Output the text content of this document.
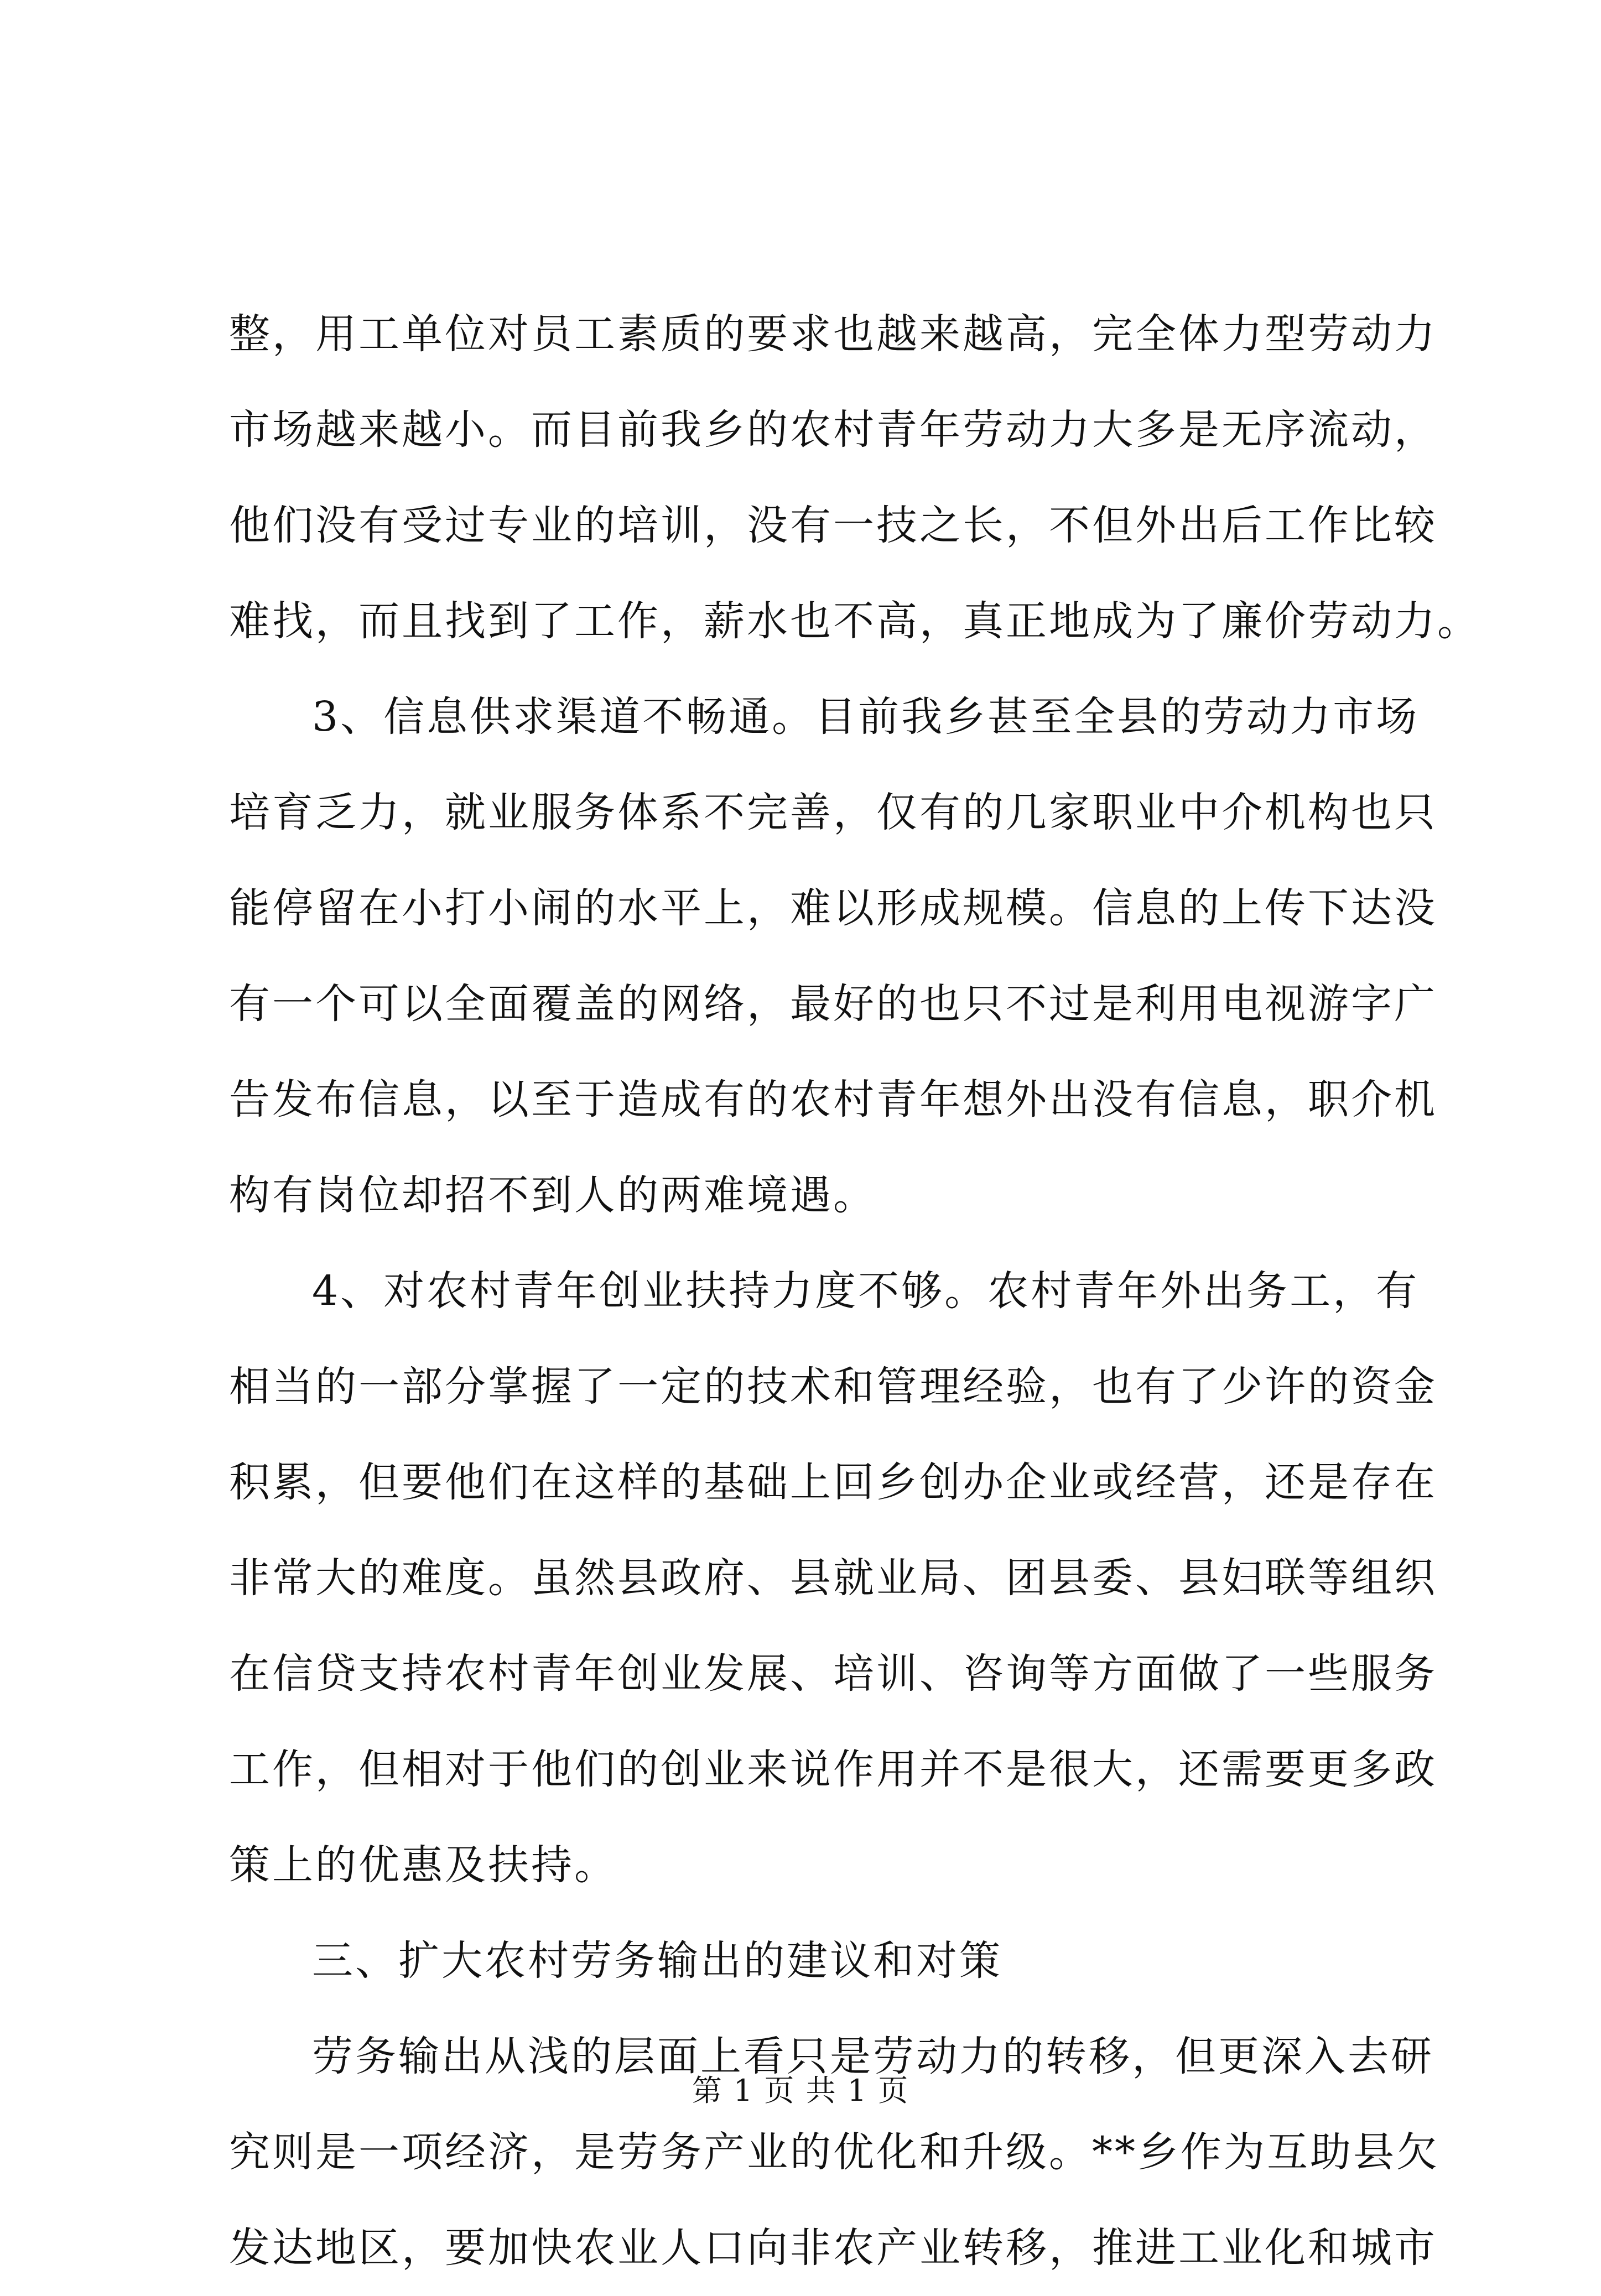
整，用工单位对员工素质的要求也越来越高，完全体力型劳动力
市场越来越小。而目前我乡的农村青年劳动力大多是无序流动，
他们没有受过专业的培训，没有一技之长，不但外出后工作比较
难找，而且找到了工作，薪水也不高，真正地成为了廉价劳动力。
3、信息供求渠道不畅通。目前我乡甚至全县的劳动力市场
培育乏力，就业服务体系不完善，仅有的几家职业中介机构也只
能停留在小打小闹的水平上，难以形成规模。信息的上传下达没
有一个可以全面覆盖的网络，最好的也只不过是利用电视游字广
告发布信息，以至于造成有的农村青年想外出没有信息，职介机
构有岗位却招不到人的两难境遇。
4、对农村青年创业扶持力度不够。农村青年外出务工，有
相当的一部分掌握了一定的技术和管理经验，也有了少许的资金
积累，但要他们在这样的基础上回乡创办企业或经营，还是存在
非常大的难度。虽然县政府、县就业局、团县委、县妇联等组织
在信贷支持农村青年创业发展、培训、咨询等方面做了一些服务
工作，但相对于他们的创业来说作用并不是很大，还需要更多政
策上的优惠及扶持。
三、扩大农村劳务输出的建议和对策
劳务输出从浅的层面上看只是劳动力的转移，但更深入去研
究则是一项经济，是劳务产业的优化和升级。**乡作为互助县欠
发达地区，要加快农业人口向非农产业转移，推进工业化和城市
第 1 页 共 1 页
